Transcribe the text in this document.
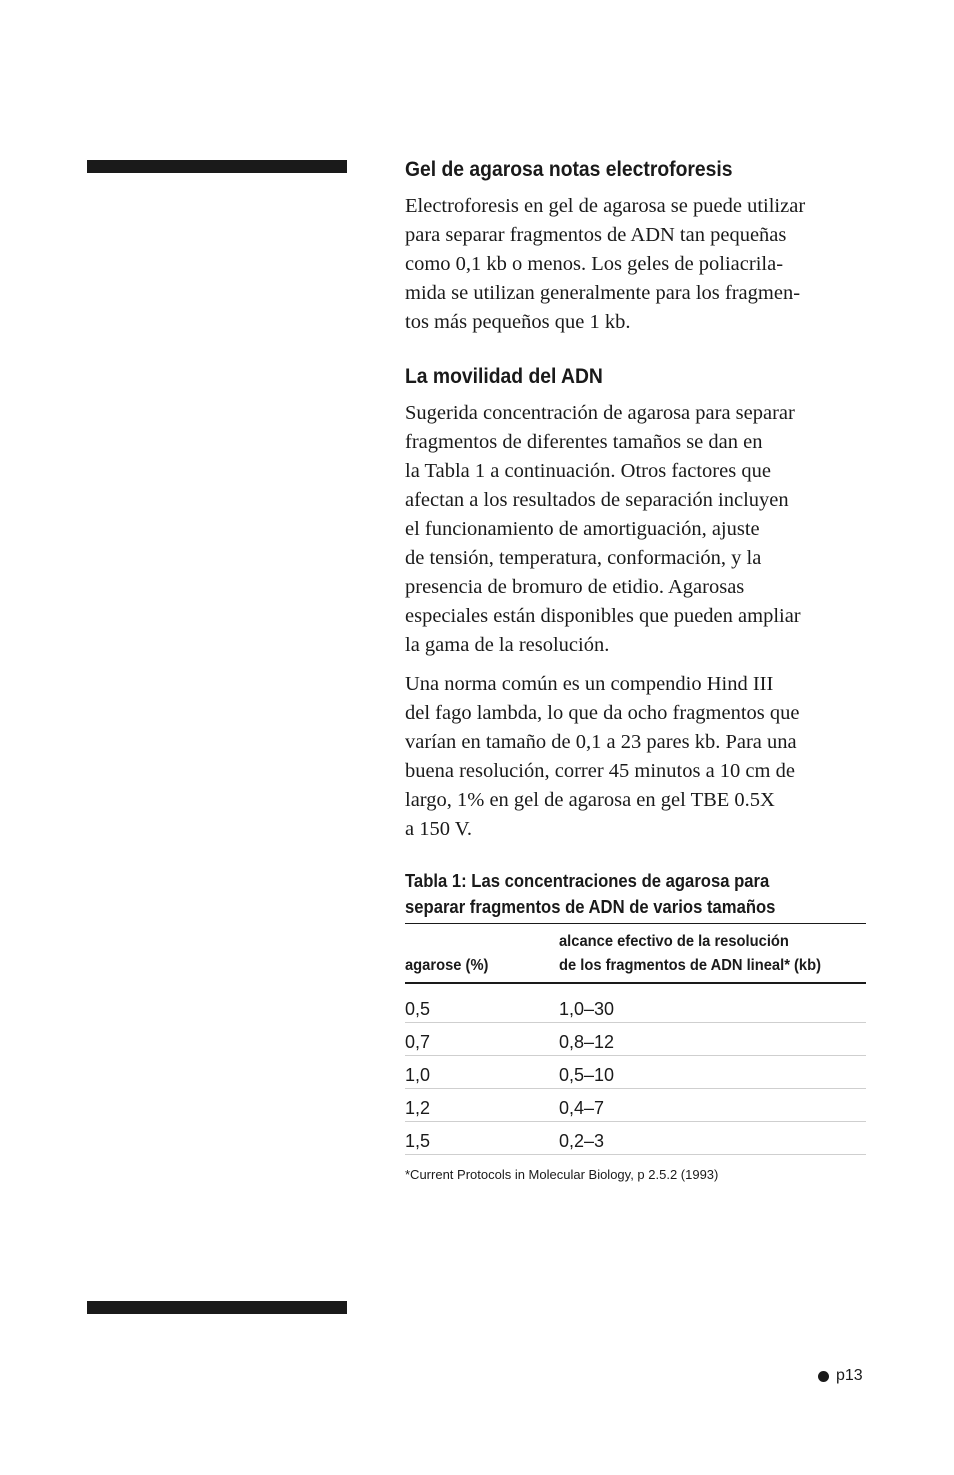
Gel de agarosa notas electroforesis

Electroforesis en gel de agarosa se puede utilizar

para separar fragmentos de ADN tan pequeñas

como 0,1 kb o menos. Los geles de poliacrila-

mida se utilizan generalmente para los fragmen-

tos más pequeños que 1 kb.

La movilidad del ADN

Sugerida concentración de agarosa para separar

fragmentos de diferentes tamaños se dan en

la Tabla 1 a continuación. Otros factores que

afectan a los resultados de separación incluyen

el funcionamiento de amortiguación, ajuste

de tensión, temperatura, conformación, y la

presencia de bromuro de etidio. Agarosas

especiales están disponibles que pueden ampliar

la gama de la resolución.

Una norma común es un compendio Hind III

del fago lambda, lo que da ocho fragmentos que

varían en tamaño de 0,1 a 23 pares kb. Para una

buena resolución, correr 45 minutos a 10 cm de

largo, 1% en gel de agarosa en gel TBE 0.5X

a 150 V.

Tabla 1: Las concentraciones de agarosa para

separar fragmentos de ADN de varios tamaños

agarose (%)	alcance efectivo de la resolución
de los fragmentos de ADN lineal* (kb)
0,5	1,0–30
0,7	0,8–12
1,0	0,5–10
1,2	0,4–7
1,5	0,2–3

*Current Protocols in Molecular Biology, p 2.5.2 (1993)

p13
